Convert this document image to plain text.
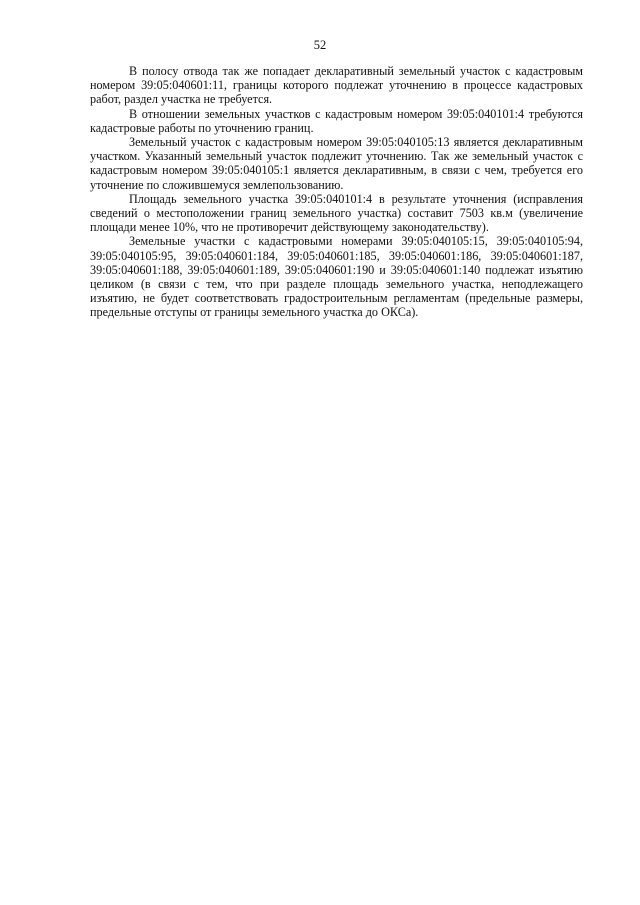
52

В полосу отвода так же попадает декларативный земельный участок с кадастровым номером 39:05:040601:11, границы которого подлежат уточнению в процессе кадастровых работ, раздел участка не требуется.

В отношении земельных участков с кадастровым номером 39:05:040101:4 требуются кадастровые работы по уточнению границ.

Земельный участок с кадастровым номером 39:05:040105:13 является декларативным участком. Указанный земельный участок подлежит уточнению. Так же земельный участок с кадастровым номером 39:05:040105:1 является декларативным, в связи с чем, требуется его уточнение по сложившемуся землепользованию.

Площадь земельного участка 39:05:040101:4 в результате уточнения (исправления сведений о местоположении границ земельного участка) составит 7503 кв.м (увеличение площади менее 10%, что не противоречит действующему законодательству).

Земельные участки с кадастровыми номерами 39:05:040105:15, 39:05:040105:94, 39:05:040105:95, 39:05:040601:184, 39:05:040601:185, 39:05:040601:186, 39:05:040601:187, 39:05:040601:188, 39:05:040601:189, 39:05:040601:190 и 39:05:040601:140 подлежат изъятию целиком (в связи с тем, что при разделе площадь земельного участка, неподлежащего изъятию, не будет соответствовать градостроительным регламентам (предельные размеры, предельные отступы от границы земельного участка до ОКСа).
